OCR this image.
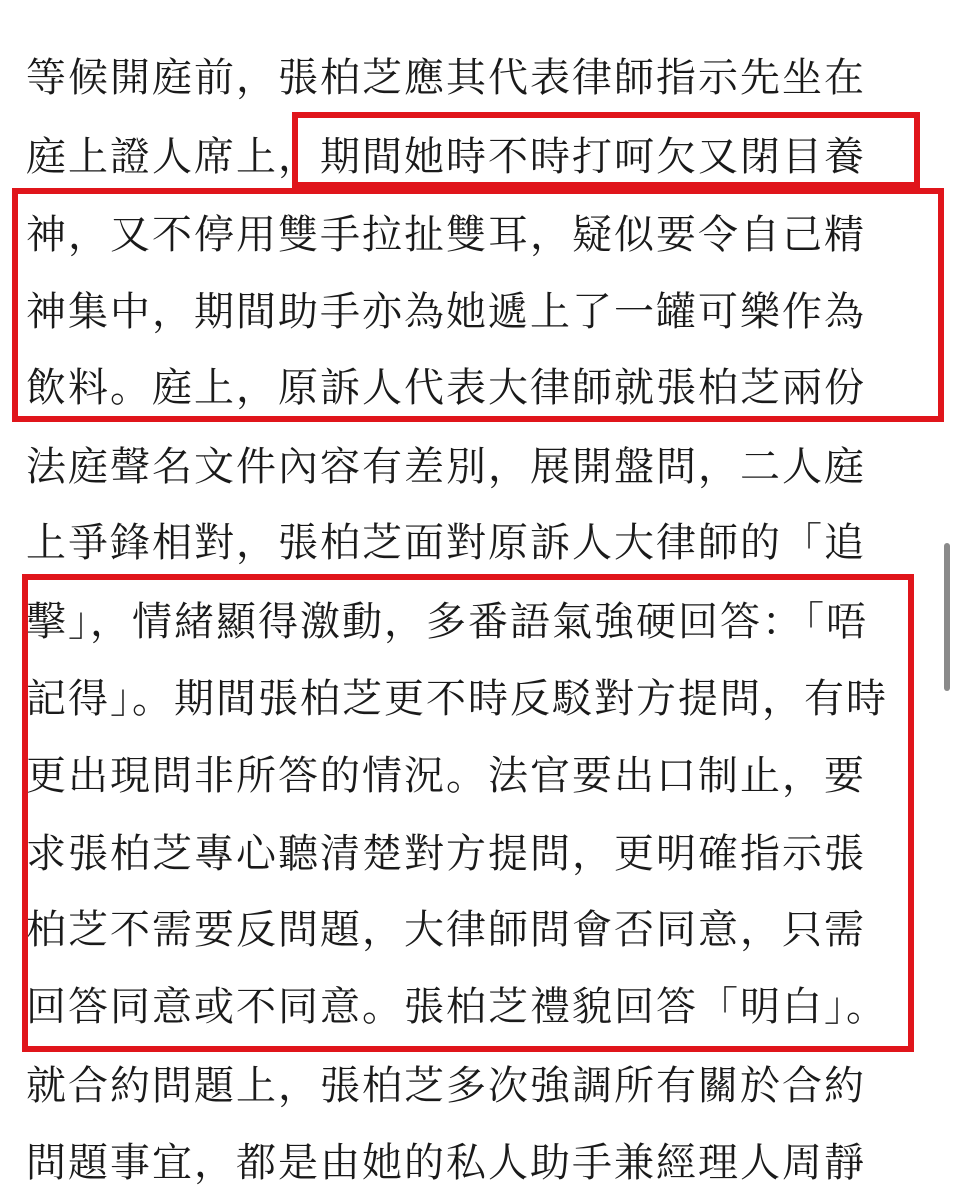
等候開庭前，張柏芝應其代表律師指示先坐在
庭上證人席上，期間她時不時打呵欠又閉目養
神，又不停用雙手拉扯雙耳，疑似要令自己精
神集中，期間助手亦為她遞上了一罐可樂作為
飲料。庭上，原訴人代表大律師就張柏芝兩份
法庭聲名文件內容有差別，展開盤問，二人庭
上爭鋒相對，張柏芝面對原訴人大律師的「追
擊」，情緒顯得激動，多番語氣強硬回答：「唔
記得」。期間張柏芝更不時反駁對方提問，有時
更出現問非所答的情況。法官要出口制止，要
求張柏芝專心聽清楚對方提問，更明確指示張
柏芝不需要反問題，大律師問會否同意，只需
回答同意或不同意。張柏芝禮貌回答「明白」。
就合約問題上，張柏芝多次強調所有關於合約
問題事宜，都是由她的私人助手兼經理人周靜
